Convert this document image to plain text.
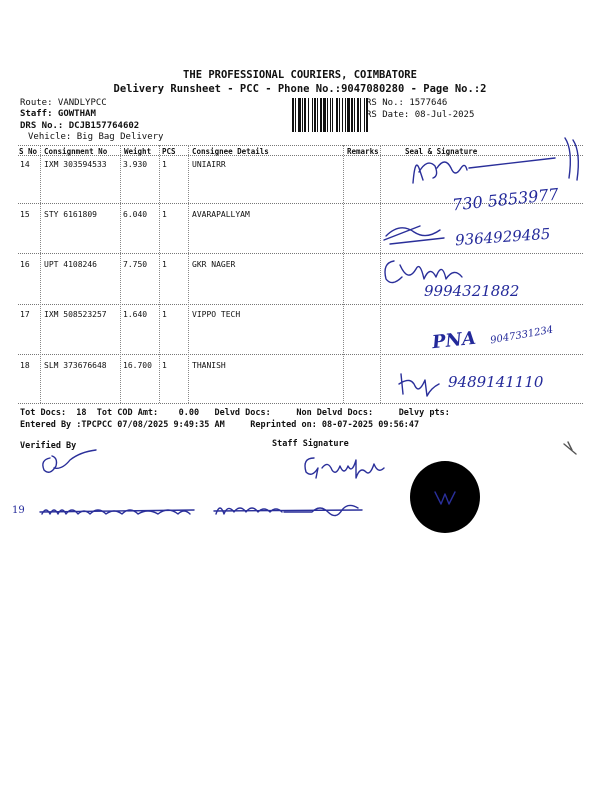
THE PROFESSIONAL COURIERS, COIMBATORE
Delivery Runsheet - PCC - Phone No.:9047080280 - Page No.:2
Route: VANDLYPCC
Staff: GOWTHAM
DRS No.: DCJB157764602
Vehicle: Big Bag Delivery
RS No.: 1577646
RS Date: 08-Jul-2025
S No Consignment No Weight PCS Consignee Details	Remarks	Seal & Signature
14 IXM 303594533 3.930 1	UNIAIRR
15 STY 6161809	6.040 1	AVARAPALLYAM
16 UPT 4108246	7.750 1	GKR NAGER
17 IXM 508523257 1.640 1	VIPPO TECH
18 SLM 373676648 16.700 1	THANISH
Tot Docs:  18  Tot COD Amt:    0.00   Delvd Docs:     Non Delvd Docs:     Delvy pts:
Entered By :TPCPCC 07/08/2025 9:49:35 AM     Reprinted on: 08-07-2025 09:56:47
Verified By	Staff Signature
730 5853977
9364929485
9994321882
PNA 9047331234
9489141110
19
